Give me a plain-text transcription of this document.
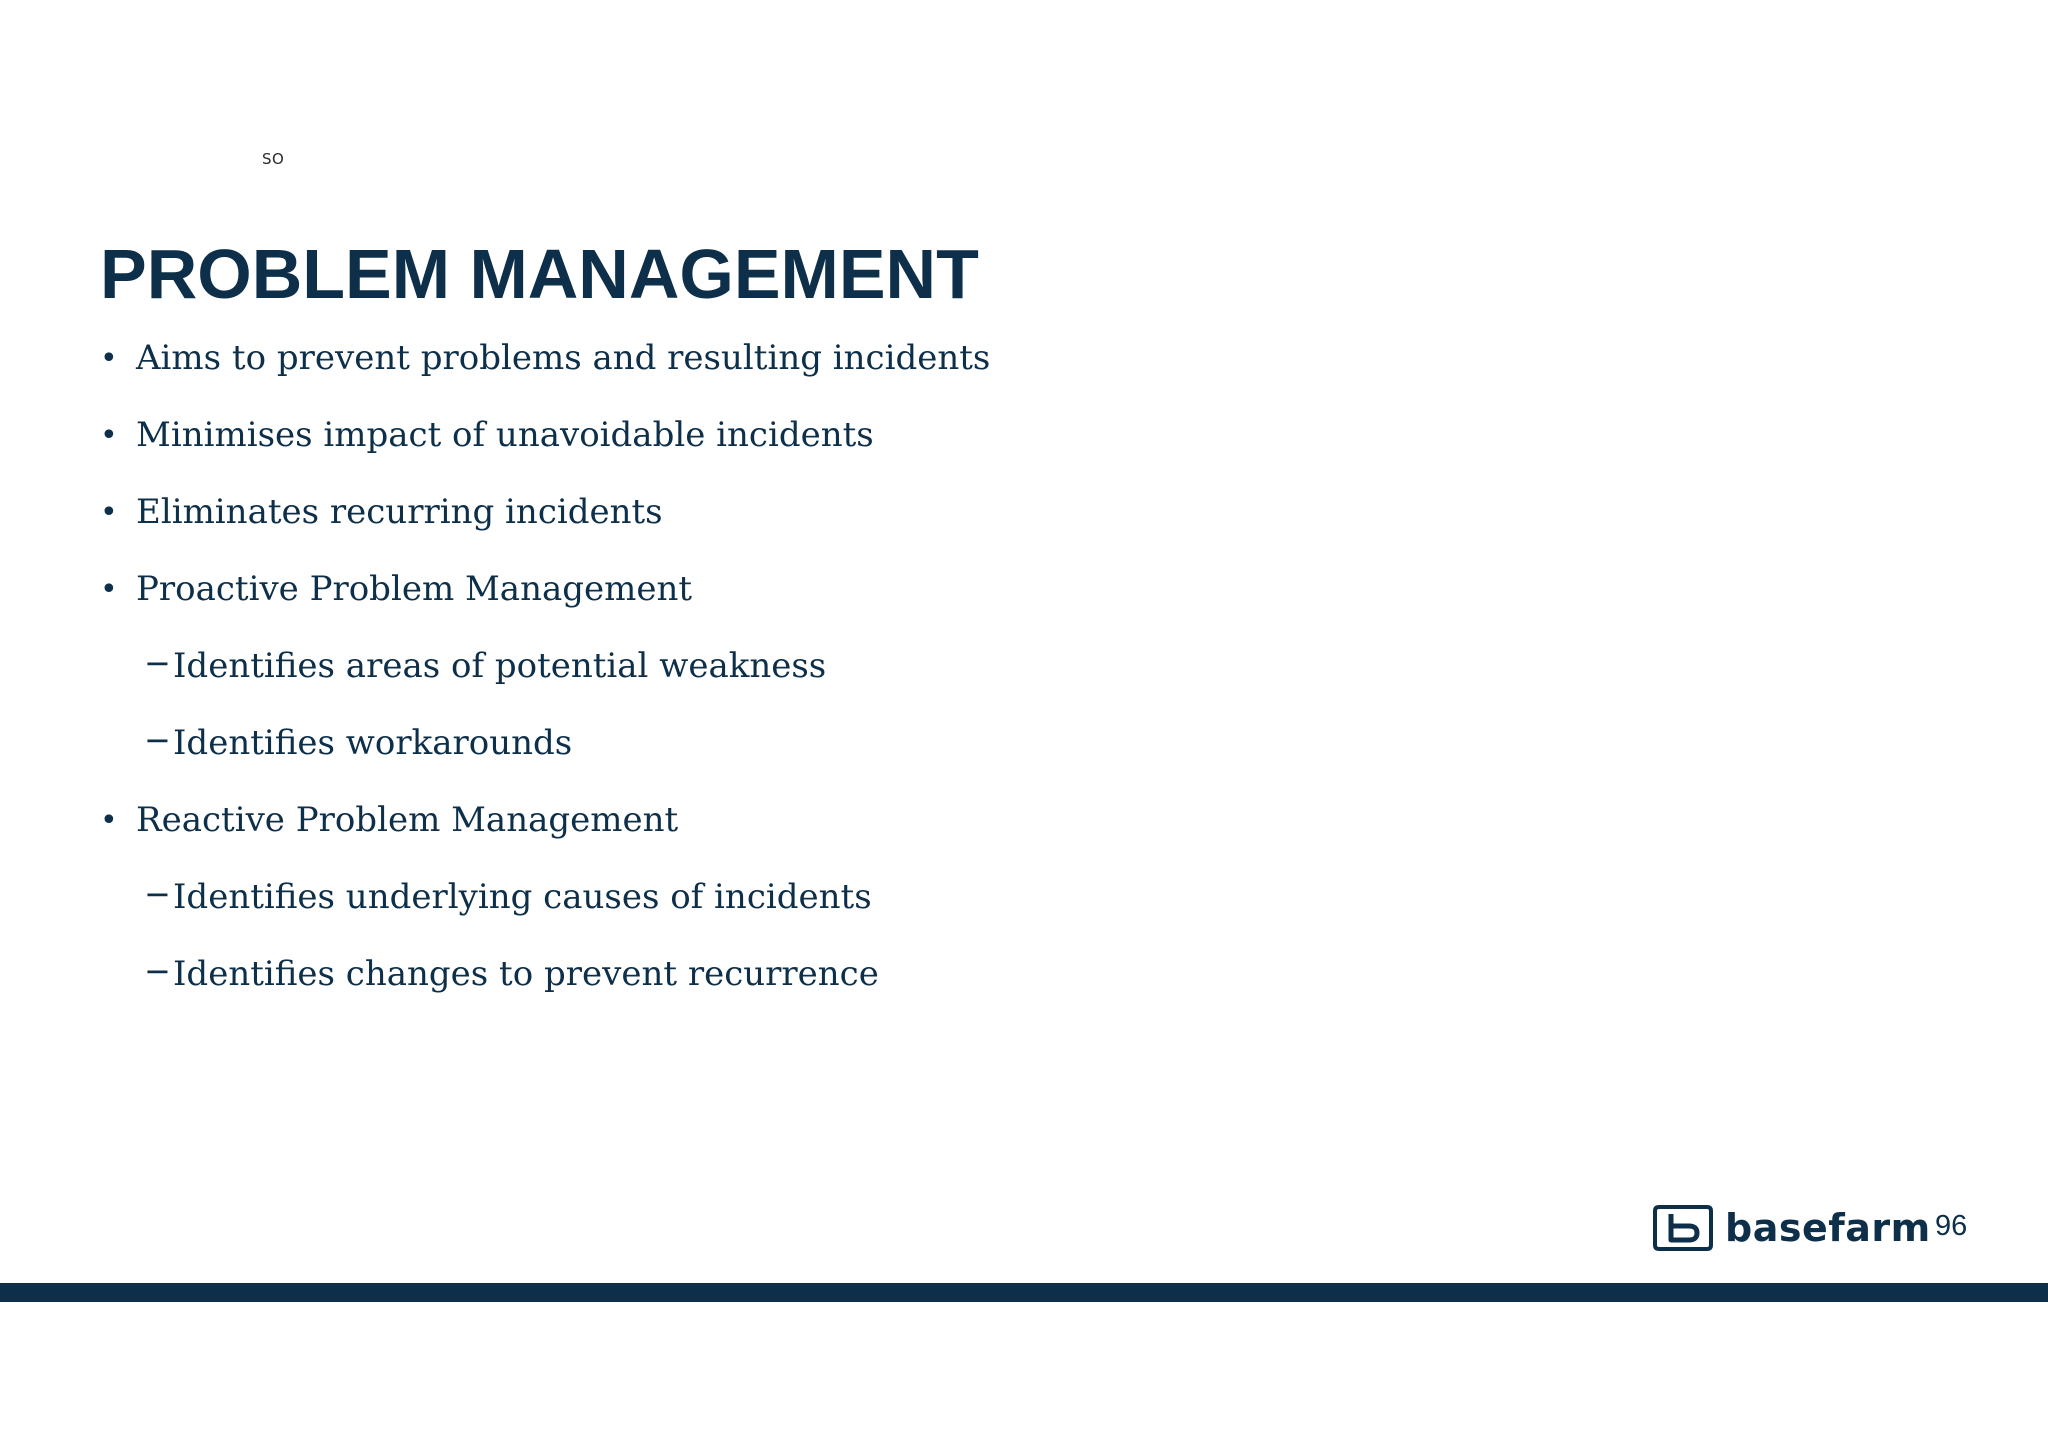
SO
PROBLEM MANAGEMENT
• Aims to prevent problems and resulting incidents
• Minimises impact of unavoidable incidents
• Eliminates recurring incidents
• Proactive Problem Management
− Identifies areas of potential weakness
− Identifies workarounds
• Reactive Problem Management
− Identifies underlying causes of incidents
− Identifies changes to prevent recurrence
basefarm 96
